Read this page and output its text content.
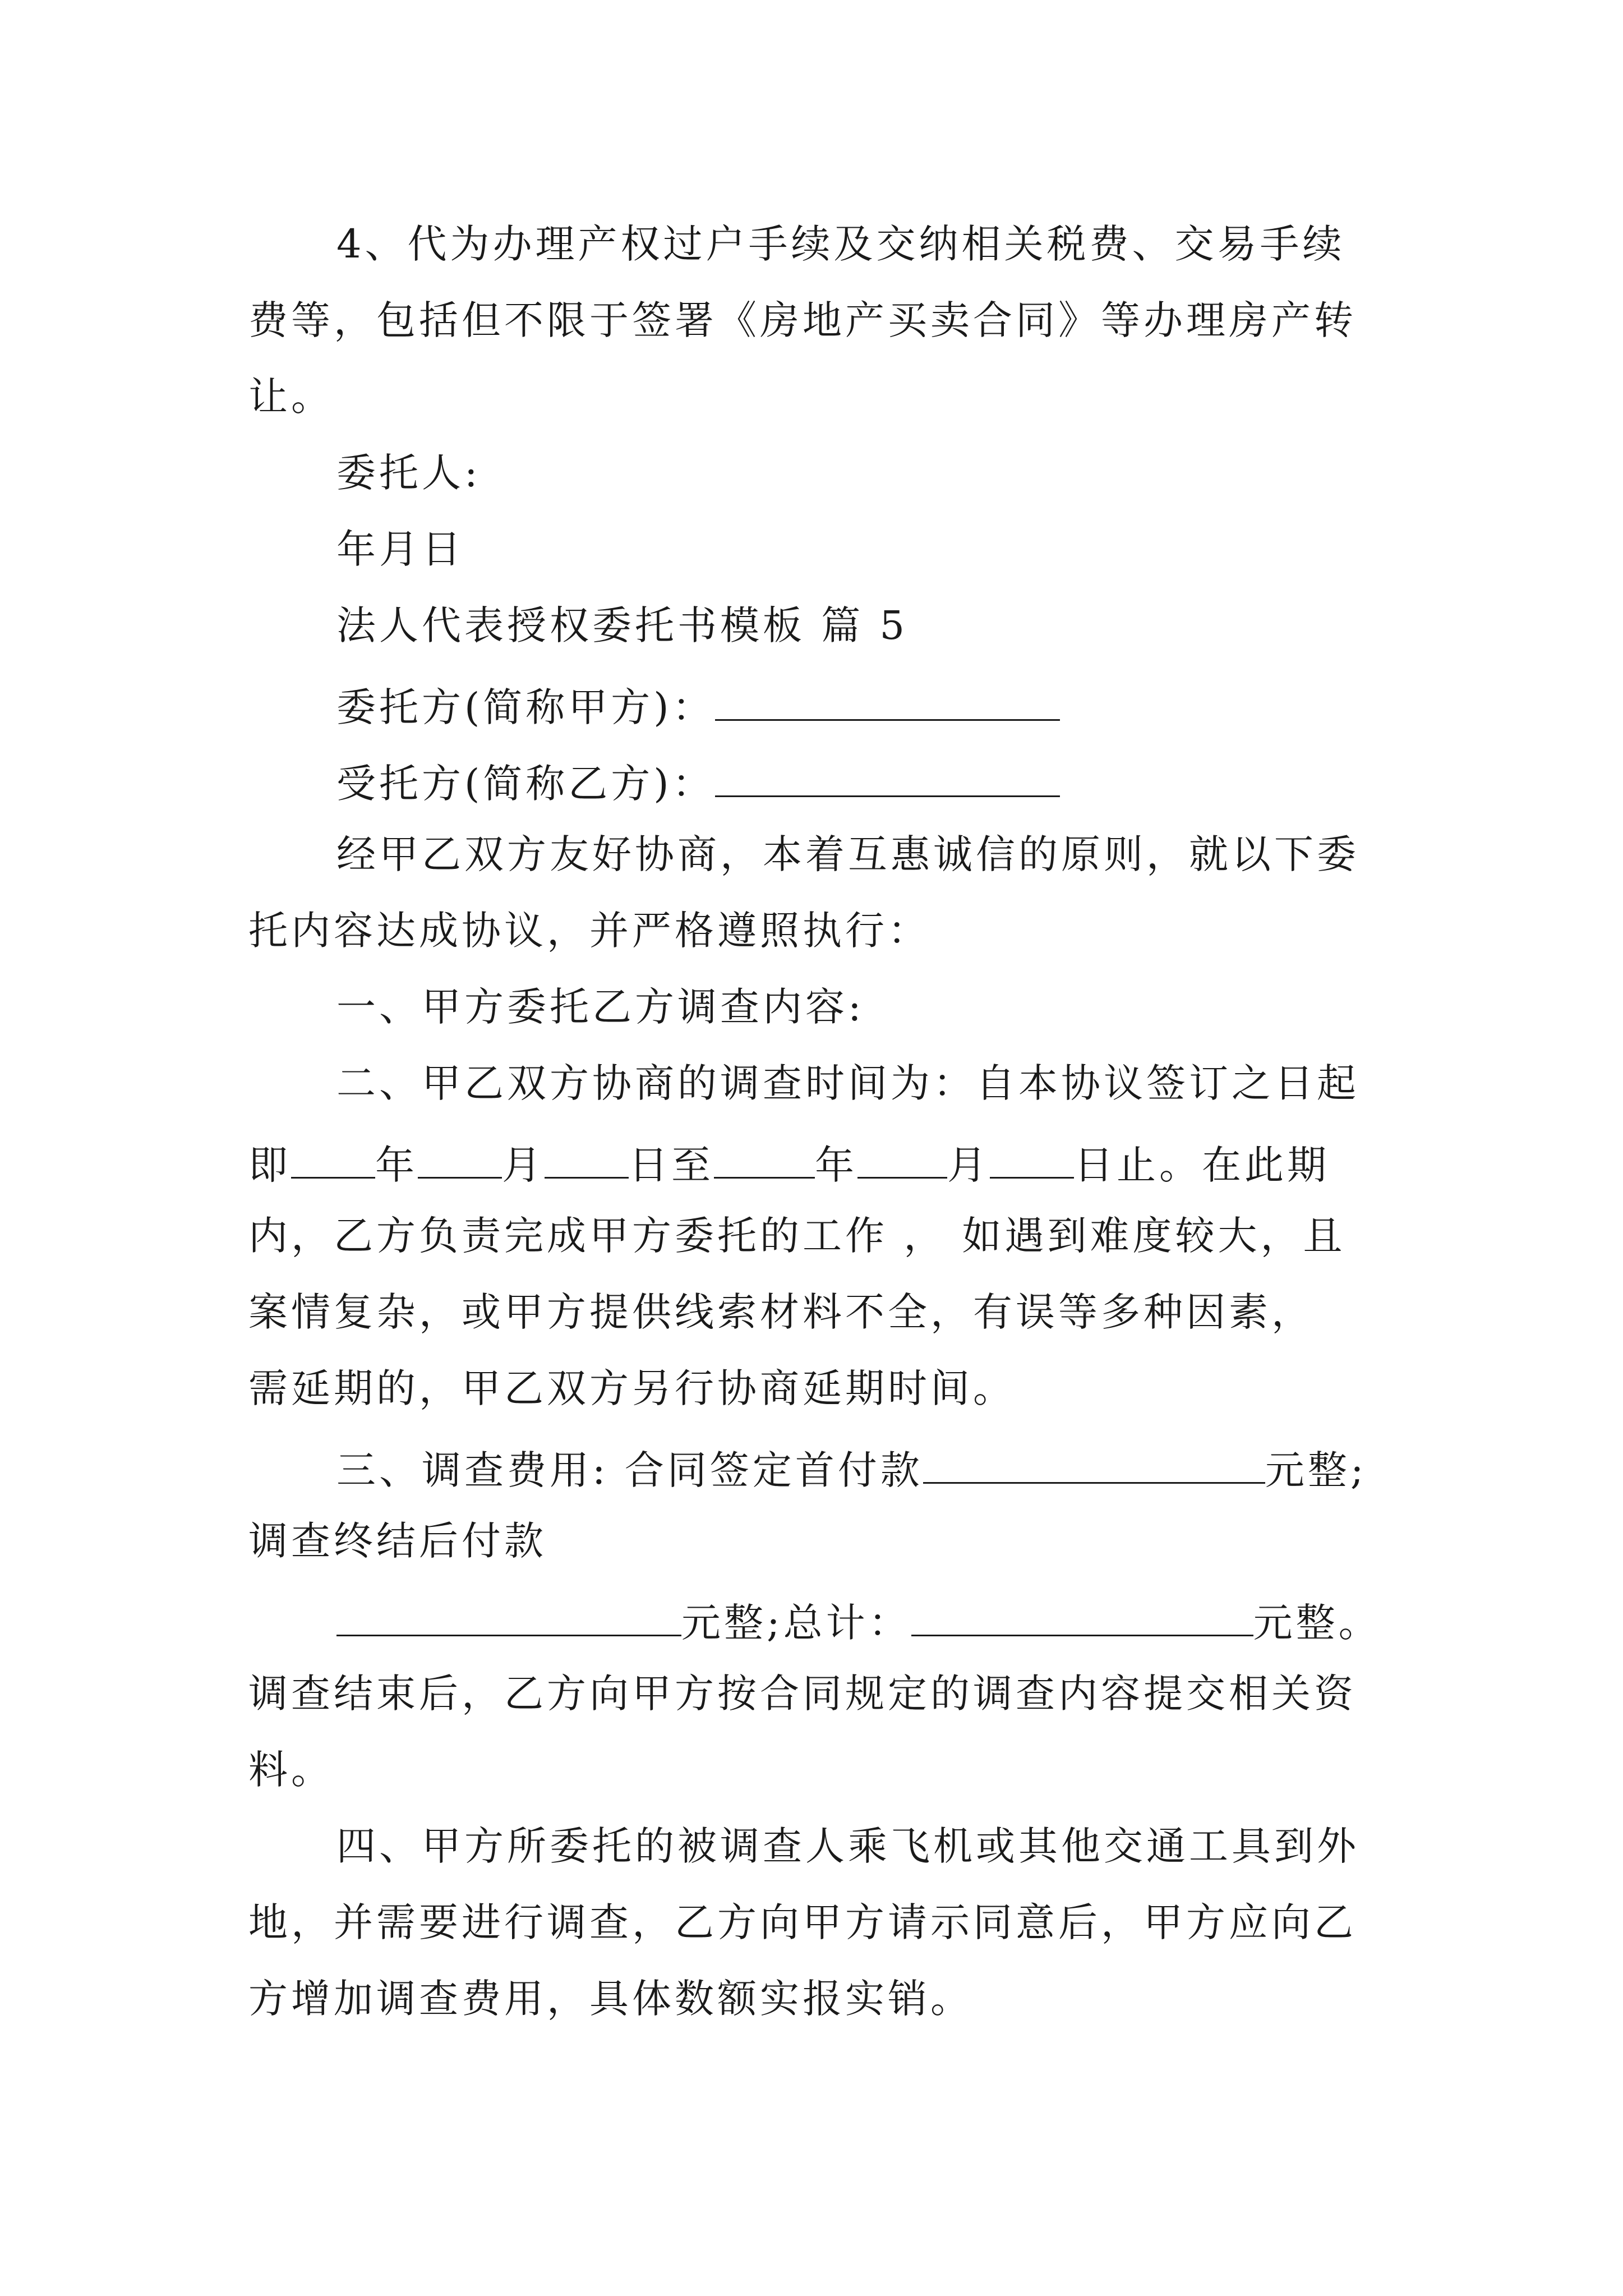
4、代为办理产权过户手续及交纳相关税费、交易手续
费等，包括但不限于签署《房地产买卖合同》等办理房产转
让。
委托人:
年月日
法人代表授权委托书模板 篇 5
委托方(简称甲方)：
受托方(简称乙方)：
经甲乙双方友好协商，本着互惠诚信的原则，就以下委
托内容达成协议，并严格遵照执行：
一、甲方委托乙方调查内容:
二、甲乙双方协商的调查时间为：自本协议签订之日起
即 年 月 日至	年 月 日止。在此期
内，乙方负责完成甲方委托的工作 ， 如遇到难度较大，且
案情复杂，或甲方提供线索材料不全，有误等多种因素，
需延期的，甲乙双方另行协商延期时间。
三、调查费用: 合同签定首付款	元整;
调查终结后付款
元整;总计：	元整。
调查结束后，乙方向甲方按合同规定的调查内容提交相关资
料。
四、甲方所委托的被调查人乘飞机或其他交通工具到外
地，并需要进行调查，乙方向甲方请示同意后，甲方应向乙
方增加调查费用，具体数额实报实销。
